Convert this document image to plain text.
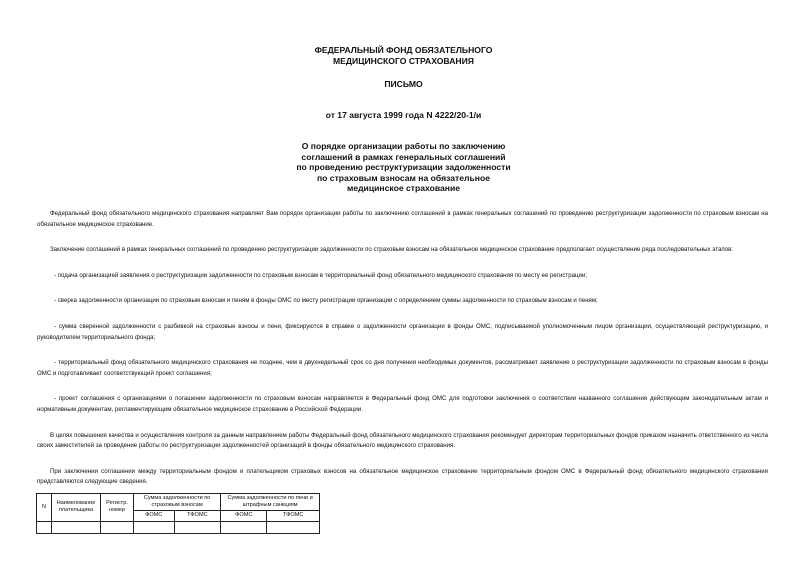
ФЕДЕРАЛЬНЫЙ ФОНД ОБЯЗАТЕЛЬНОГО
МЕДИЦИНСКОГО СТРАХОВАНИЯ
ПИСЬМО
от 17 августа 1999 года N 4222/20-1/и
О порядке организации работы по заключению
соглашений в рамках генеральных соглашений
по проведению реструктуризации задолженности
по страховым взносам на обязательное
медицинское страхование

Федеральный фонд обязательного медицинского страхования направляет Вам порядок организации работы по заключению соглашений в рамках генеральных соглашений по проведению реструктуризации задолженности по страховым взносам на обязательное медицинское страхование.

Заключение соглашений в рамках генеральных соглашений по проведению реструктуризации задолженности по страховым взносам на обязательное медицинское страхование предполагает осуществление ряда последовательных этапов:

- подача организацией заявления о реструктуризации задолженности по страховым взносам в территориальный фонд обязательного медицинского страхования по месту ее регистрации;

- сверка задолженности организации по страховым взносам и пеням в фонды ОМС по месту регистрации организации с определением суммы задолженности по страховым взносам и пеням;

- сумма сверенной задолженности с разбивкой на страховые взносы и пени, фиксируются в справке о задолженности организации в фонды ОМС, подписываемой уполномоченным лицом организации, осуществляющей реструктуризацию, и руководителем территориального фонда;

- территориальный фонд обязательного медицинского страхования не позднее, чем в двухнедельный срок со дня получения необходимых документов, рассматривает заявление о реструктуризации задолженности по страховым взносам в фонды ОМС и подготавливает соответствующий проект соглашения;

- проект соглашения с организациями о погашении задолженности по страховым взносам направляется в Федеральный фонд ОМС для подготовки заключения о соответствии названного соглашения действующим законодательным актам и нормативным документам, регламентирующим обязательное медицинское страхование в Российской Федерации.

В целях повышения качества и осуществления контроля за данным направлением работы Федеральный фонд обязательного медицинского страхования рекомендует директорам территориальных фондов приказом назначить ответственного из числа своих заместителей за проведение работы по реструктуризации задолженностей организаций в фонды обязательного медицинского страхования.

При заключении соглашении между территориальным фондом и плательщиком страховых взносов на обязательное медицинское страхование территориальным фондом ОМС в Федеральный фонд обязательного медицинского страхования представляются следующие сведения.

N	Наименование плательщика	Регистр. номер	Сумма задолженности по страховым взносам		Сумма задолженности по пени и штрафным санкциям	
			ФОМС	ТФОМС	ФОМС	ТФОМС
